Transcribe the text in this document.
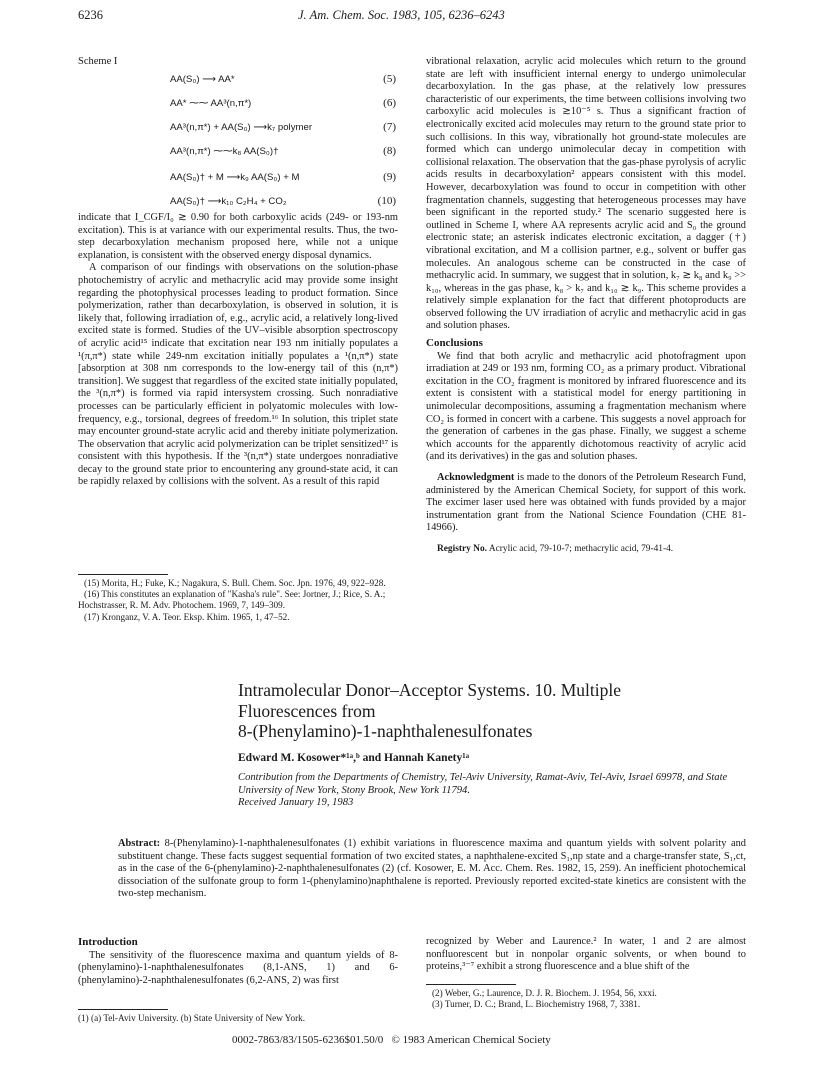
6236	J. Am. Chem. Soc. 1983, 105, 6236–6243
Scheme I
AA(S₀) ⟶ AA*	(5)
AA* ⁓⁓ AA³(n,π*)	(6)
AA³(n,π*) + AA(S₀) ⟶k₇ polymer	(7)
AA³(n,π*) ⁓⁓k₈ AA(S₀)†	(8)
AA(S₀)† + M ⟶k₉ AA(S₀) + M	(9)
AA(S₀)† ⟶k₁₀ C₂H₄ + CO₂	(10)

indicate that I_CGF/I₀ ≳ 0.90 for both carboxylic acids (249- or 193-nm excitation). This is at variance with our experimental results. Thus, the two-step decarboxylation mechanism proposed here, while not a unique explanation, is consistent with the observed energy disposal dynamics.

A comparison of our findings with observations on the solution-phase photochemistry of acrylic and methacrylic acid may provide some insight regarding the photophysical processes leading to product formation. Since polymerization, rather than decarboxylation, is observed in solution, it is likely that, following irradiation of, e.g., acrylic acid, a relatively long-lived excited state is formed. Studies of the UV–visible absorption spectroscopy of acrylic acid¹⁵ indicate that excitation near 193 nm initially populates a ¹(π,π*) state while 249-nm excitation initially populates a ¹(n,π*) state [absorption at 308 nm corresponds to the low-energy tail of this (n,π*) transition]. We suggest that regardless of the excited state initially populated, the ³(n,π*) is formed via rapid intersystem crossing. Such nonradiative processes can be particularly efficient in polyatomic molecules with low-frequency, e.g., torsional, degrees of freedom.¹⁶ In solution, this triplet state may encounter ground-state acrylic acid and thereby initiate polymerization. The observation that acrylic acid polymerization can be triplet sensitized¹⁷ is consistent with this hypothesis. If the ³(n,π*) state undergoes nonradiative decay to the ground state prior to encountering any ground-state acid, it can be rapidly relaxed by collisions with the solvent. As a result of this rapid

(15) Morita, H.; Fuke, K.; Nagakura, S. Bull. Chem. Soc. Jpn. 1976, 49, 922–928.
(16) This constitutes an explanation of "Kasha's rule". See: Jortner, J.; Rice, S. A.; Hochstrasser, R. M. Adv. Photochem. 1969, 7, 149–309.
(17) Kronganz, V. A. Teor. Eksp. Khim. 1965, 1, 47–52.

vibrational relaxation, acrylic acid molecules which return to the ground state are left with insufficient internal energy to undergo unimolecular decarboxylation. In the gas phase, at the relatively low pressures characteristic of our experiments, the time between collisions involving two carboxylic acid molecules is ≳10⁻⁵ s. Thus a significant fraction of electronically excited acid molecules may return to the ground state prior to such collisions. In this way, vibrationally hot ground-state molecules are formed which can undergo unimolecular decay in competition with collisional relaxation. The observation that the gas-phase pyrolysis of acrylic acids results in decarboxylation² appears consistent with this model. However, decarboxylation was found to occur in competition with other fragmentation channels, suggesting that heterogeneous processes may have been significant in the reported study.² The scenario suggested here is outlined in Scheme I, where AA represents acrylic acid and S₀ the ground electronic state; an asterisk indicates electronic excitation, a dagger (†) vibrational excitation, and M a collision partner, e.g., solvent or buffer gas molecules. An analogous scheme can be constructed in the case of methacrylic acid. In summary, we suggest that in solution, k₇ ≳ k₈ and k₉ >> k₁₀, whereas in the gas phase, k₈ > k₇ and k₁₀ ≳ k₉. This scheme provides a relatively simple explanation for the fact that different photoproducts are observed following the UV irradiation of acrylic and methacrylic acid in gas and solution phases.

Conclusions

We find that both acrylic and methacrylic acid photofragment upon irradiation at 249 or 193 nm, forming CO₂ as a primary product. Vibrational excitation in the CO₂ fragment is monitored by infrared fluorescence and its extent is consistent with a statistical model for energy partitioning in unimolecular decompositions, assuming a fragmentation mechanism where CO₂ is formed in concert with a carbene. This suggests a novel approach for the generation of carbenes in the gas phase. Finally, we suggest a scheme which accounts for the apparently dichotomous reactivity of acrylic acid (and its derivatives) in the gas and solution phases.

Acknowledgment is made to the donors of the Petroleum Research Fund, administered by the American Chemical Society, for support of this work. The excimer laser used here was obtained with funds provided by a major instrumentation grant from the National Science Foundation (CHE 81-14966).

Registry No. Acrylic acid, 79-10-7; methacrylic acid, 79-41-4.

Intramolecular Donor–Acceptor Systems. 10. Multiple
Fluorescences from
8-(Phenylamino)-1-naphthalenesulfonates
Edward M. Kosower*¹ᵃ,ᵇ and Hannah Kanety¹ᵃ
Contribution from the Departments of Chemistry, Tel-Aviv University, Ramat-Aviv, Tel-Aviv, Israel 69978, and State University of New York, Stony Brook, New York 11794.
Received January 19, 1983
Abstract: 8-(Phenylamino)-1-naphthalenesulfonates (1) exhibit variations in fluorescence maxima and quantum yields with solvent polarity and substituent change. These facts suggest sequential formation of two excited states, a naphthalene-excited S₁,np state and a charge-transfer state, S₁,ct, as in the case of the 6-(phenylamino)-2-naphthalenesulfonates (2) (cf. Kosower, E. M. Acc. Chem. Res. 1982, 15, 259). An inefficient photochemical dissociation of the sulfonate group to form 1-(phenylamino)naphthalene is reported. Previously reported excited-state kinetics are consistent with the two-step mechanism.
Introduction

The sensitivity of the fluorescence maxima and quantum yields of 8-(phenylamino)-1-naphthalenesulfonates (8,1-ANS, 1) and 6-(phenylamino)-2-naphthalenesulfonates (6,2-ANS, 2) was first

recognized by Weber and Laurence.² In water, 1 and 2 are almost nonfluorescent but in nonpolar organic solvents, or when bound to proteins,³⁻⁷ exhibit a strong fluorescence and a blue shift of the

(1) (a) Tel-Aviv University. (b) State University of New York.
(2) Weber, G.; Laurence, D. J. R. Biochem. J. 1954, 56, xxxi.
(3) Turner, D. C.; Brand, L. Biochemistry 1968, 7, 3381.
0002-7863/83/1505-6236$01.50/0   © 1983 American Chemical Society
